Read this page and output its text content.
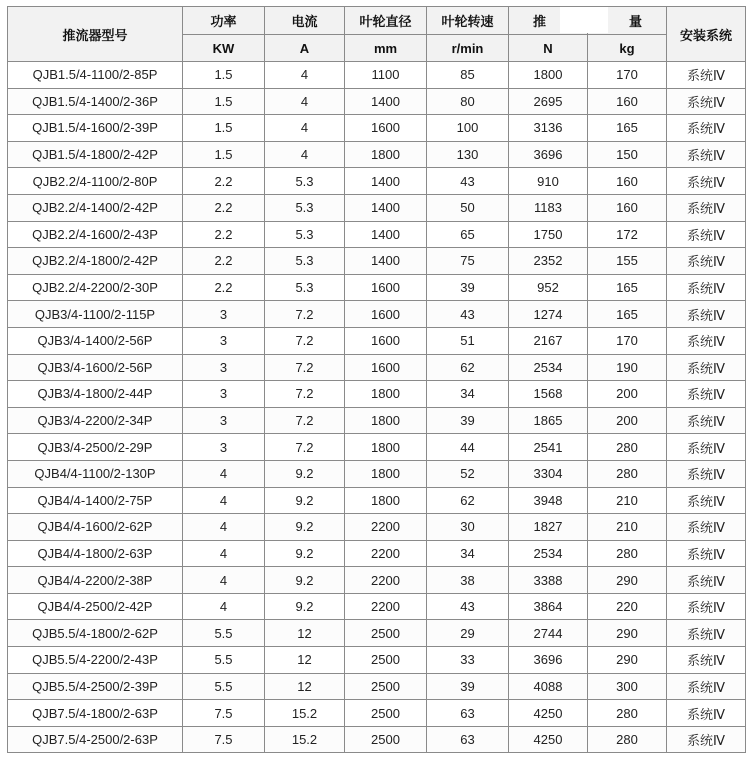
推流器型号	功率	电流	叶轮直径	叶轮转速	推	量	安装系统
	KW	A	mm	r/min	N	kg	
QJB1.5/4-1100/2-85P	1.5	4	1100	85	1800	170	系统Ⅳ
QJB1.5/4-1400/2-36P	1.5	4	1400	80	2695	160	系统Ⅳ
QJB1.5/4-1600/2-39P	1.5	4	1600	100	3136	165	系统Ⅳ
QJB1.5/4-1800/2-42P	1.5	4	1800	130	3696	150	系统Ⅳ
QJB2.2/4-1100/2-80P	2.2	5.3	1400	43	910	160	系统Ⅳ
QJB2.2/4-1400/2-42P	2.2	5.3	1400	50	1183	160	系统Ⅳ
QJB2.2/4-1600/2-43P	2.2	5.3	1400	65	1750	172	系统Ⅳ
QJB2.2/4-1800/2-42P	2.2	5.3	1400	75	2352	155	系统Ⅳ
QJB2.2/4-2200/2-30P	2.2	5.3	1600	39	952	165	系统Ⅳ
QJB3/4-1100/2-115P	3	7.2	1600	43	1274	165	系统Ⅳ
QJB3/4-1400/2-56P	3	7.2	1600	51	2167	170	系统Ⅳ
QJB3/4-1600/2-56P	3	7.2	1600	62	2534	190	系统Ⅳ
QJB3/4-1800/2-44P	3	7.2	1800	34	1568	200	系统Ⅳ
QJB3/4-2200/2-34P	3	7.2	1800	39	1865	200	系统Ⅳ
QJB3/4-2500/2-29P	3	7.2	1800	44	2541	280	系统Ⅳ
QJB4/4-1100/2-130P	4	9.2	1800	52	3304	280	系统Ⅳ
QJB4/4-1400/2-75P	4	9.2	1800	62	3948	210	系统Ⅳ
QJB4/4-1600/2-62P	4	9.2	2200	30	1827	210	系统Ⅳ
QJB4/4-1800/2-63P	4	9.2	2200	34	2534	280	系统Ⅳ
QJB4/4-2200/2-38P	4	9.2	2200	38	3388	290	系统Ⅳ
QJB4/4-2500/2-42P	4	9.2	2200	43	3864	220	系统Ⅳ
QJB5.5/4-1800/2-62P	5.5	12	2500	29	2744	290	系统Ⅳ
QJB5.5/4-2200/2-43P	5.5	12	2500	33	3696	290	系统Ⅳ
QJB5.5/4-2500/2-39P	5.5	12	2500	39	4088	300	系统Ⅳ
QJB7.5/4-1800/2-63P	7.5	15.2	2500	63	4250	280	系统Ⅳ
QJB7.5/4-2500/2-63P	7.5	15.2	2500	63	4250	280	系统Ⅳ
